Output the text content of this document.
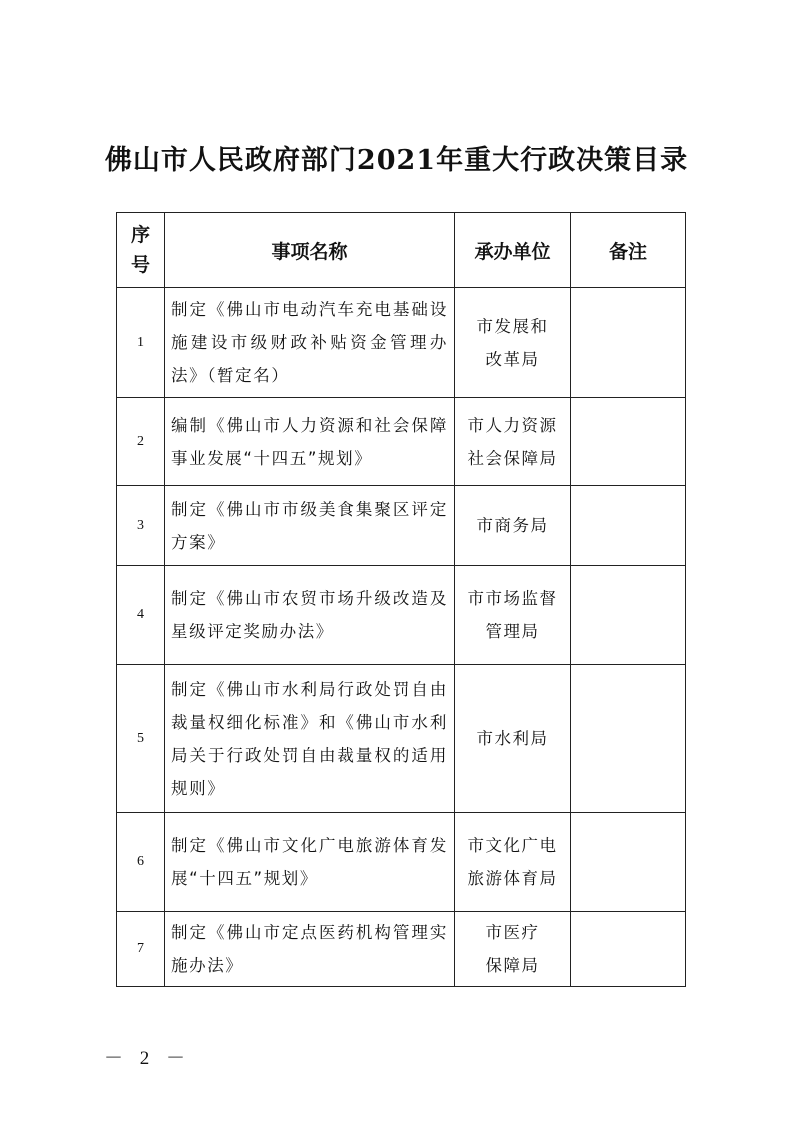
佛山市人民政府部门2021年重大行政决策目录
序
号	事项名称	承办单位	备注
1	制定《佛山市电动汽车充电基础设施建设市级财政补贴资金管理办法》（暂定名）	市发展和
改革局	

2	编制《佛山市人力资源和社会保障事业发展“十四五”规划》	市人力资源
社会保障局	

3	制定《佛山市市级美食集聚区评定方案》	市商务局	

4	制定《佛山市农贸市场升级改造及星级评定奖励办法》	市市场监督
管理局	

5	制定《佛山市水利局行政处罚自由裁量权细化标准》和《佛山市水利局关于行政处罚自由裁量权的适用规则》	市水利局	

6	制定《佛山市文化广电旅游体育发展“十四五”规划》	市文化广电
旅游体育局	

7	制定《佛山市定点医药机构管理实施办法》	市医疗
保障局	

－ 2 －
